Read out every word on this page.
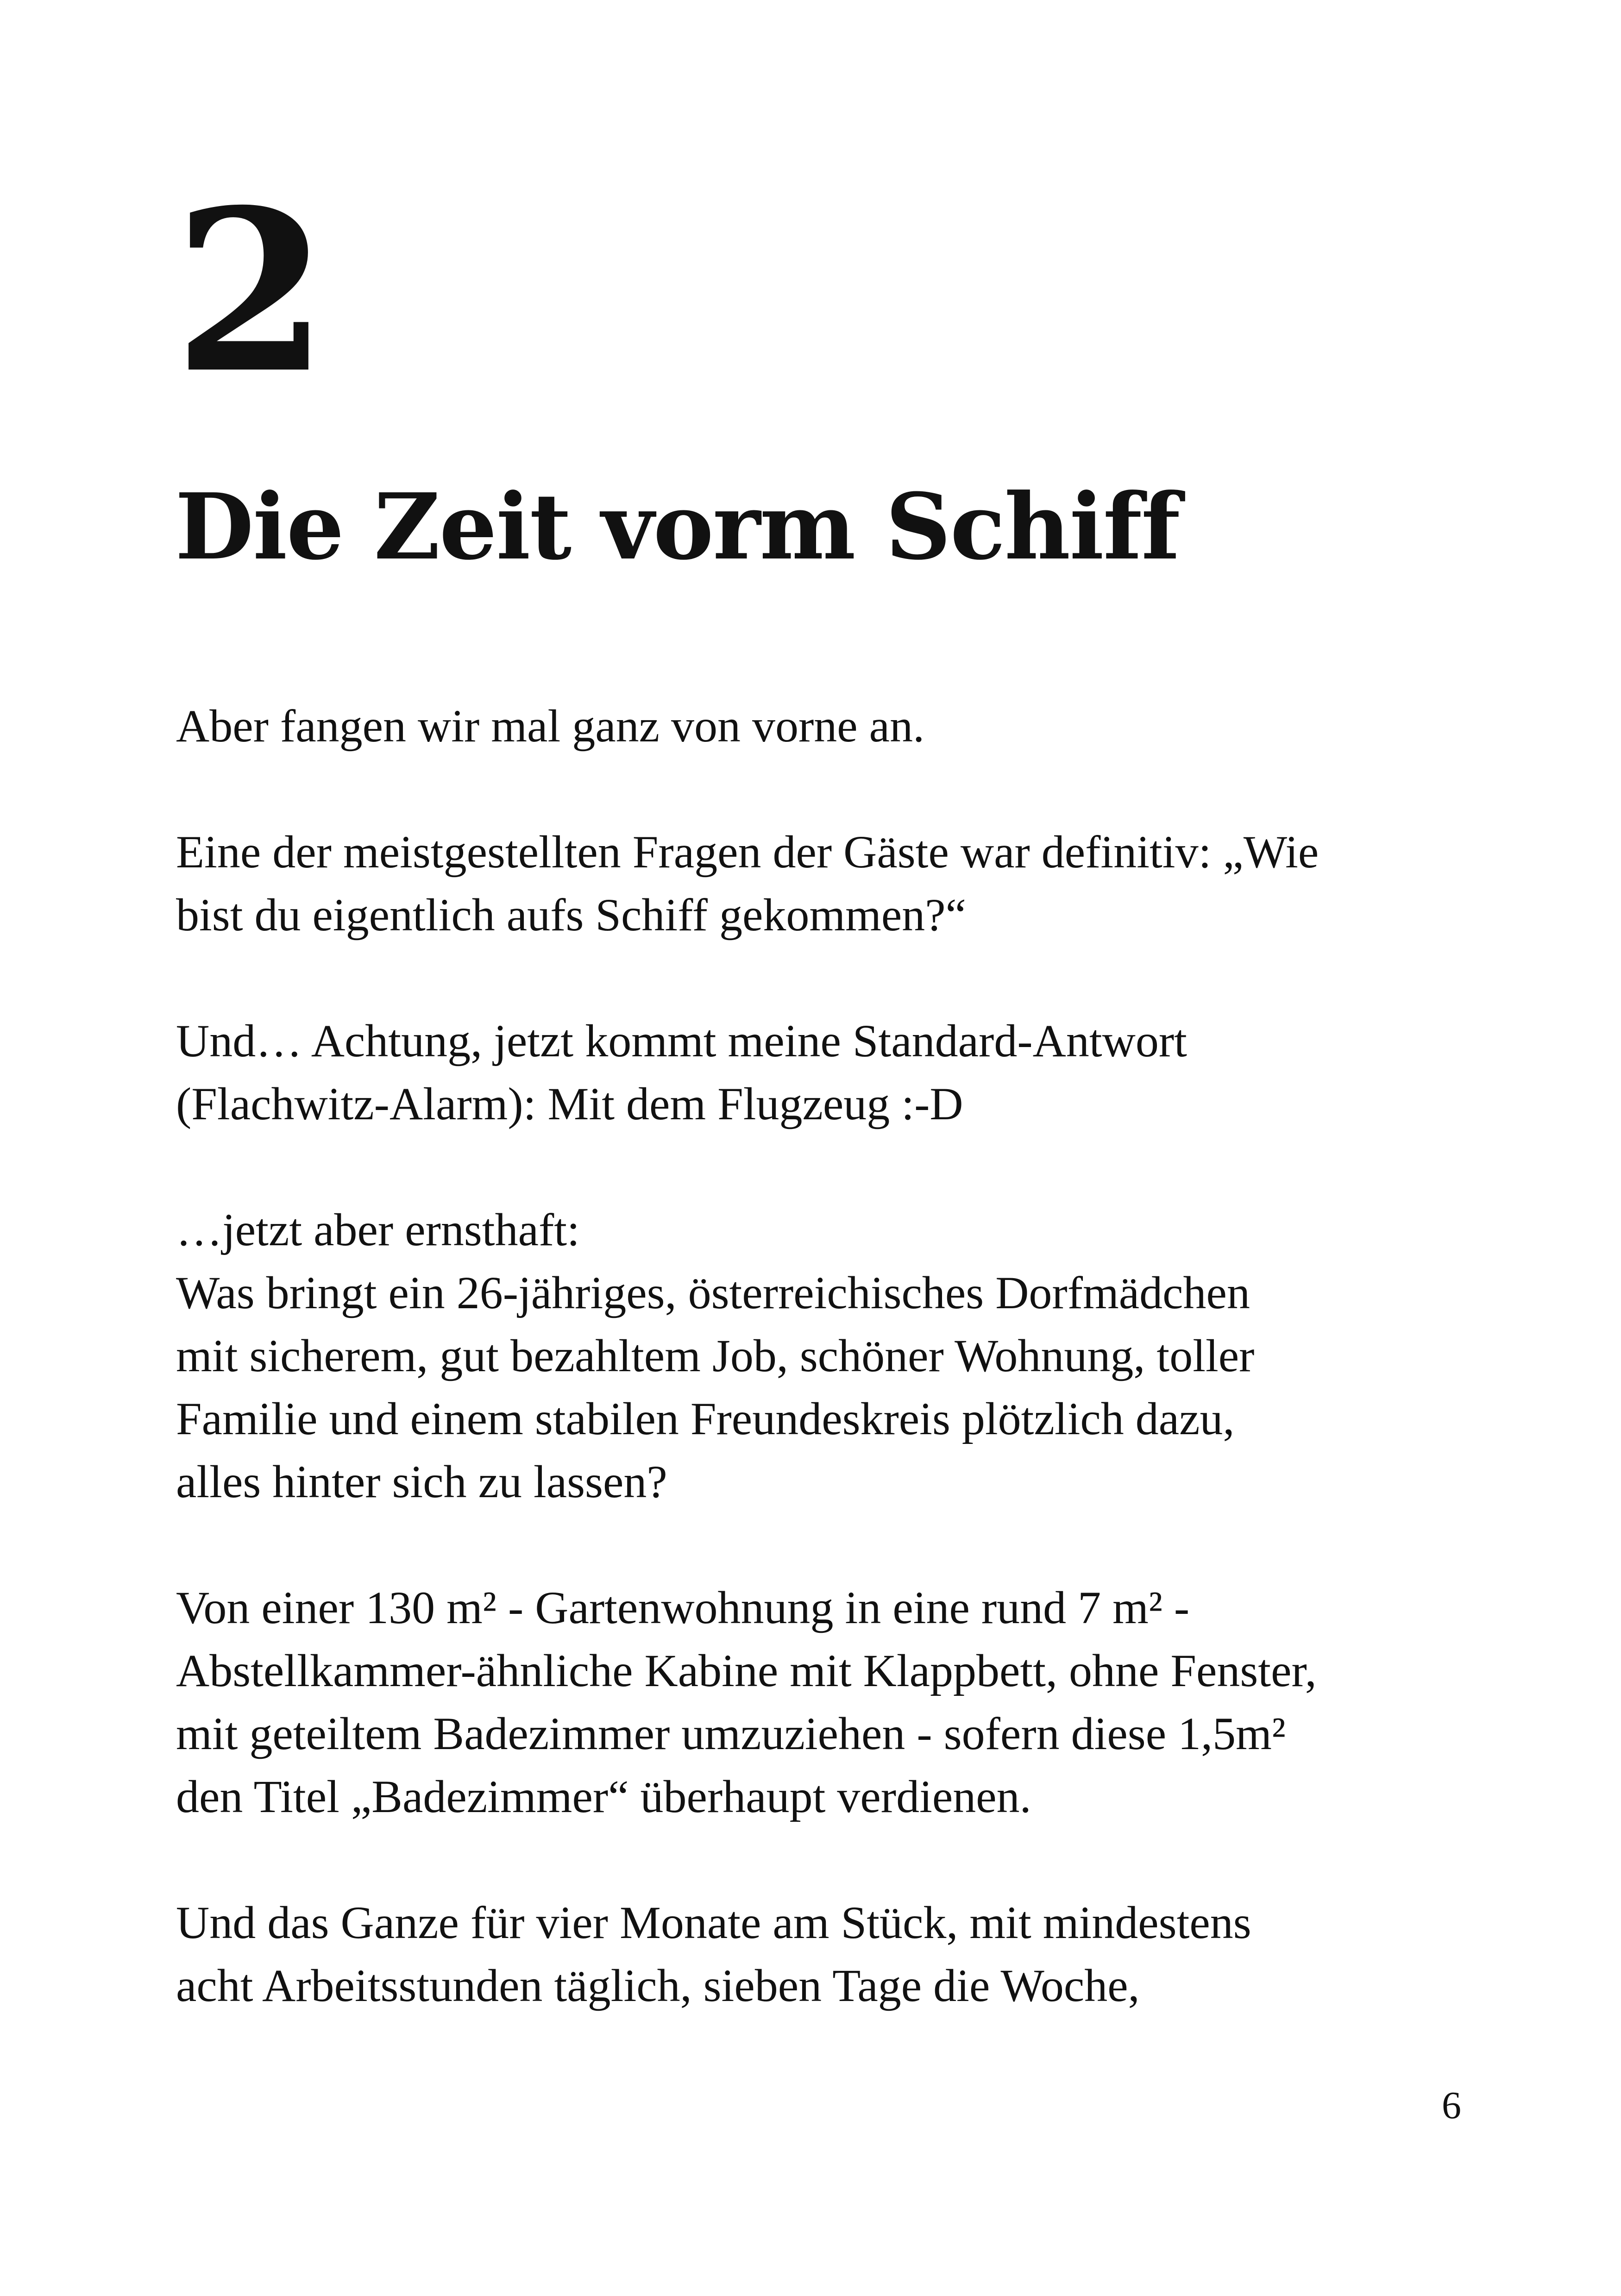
2
Die Zeit vorm Schiff

Aber fangen wir mal ganz von vorne an.

Eine der meistgestellten Fragen der Gäste war definitiv: „Wie
bist du eigentlich aufs Schiff gekommen?“

Und… Achtung, jetzt kommt meine Standard-Antwort
(Flachwitz-Alarm): Mit dem Flugzeug :-D

…jetzt aber ernsthaft:
Was bringt ein 26-jähriges, österreichisches Dorfmädchen
mit sicherem, gut bezahltem Job, schöner Wohnung, toller
Familie und einem stabilen Freundeskreis plötzlich dazu,
alles hinter sich zu lassen?

Von einer 130 m² - Gartenwohnung in eine rund 7 m² -
Abstellkammer-ähnliche Kabine mit Klappbett, ohne Fenster,
mit geteiltem Badezimmer umzuziehen - sofern diese 1,5m²
den Titel „Badezimmer“ überhaupt verdienen.

Und das Ganze für vier Monate am Stück, mit mindestens
acht Arbeitsstunden täglich, sieben Tage die Woche,

6
